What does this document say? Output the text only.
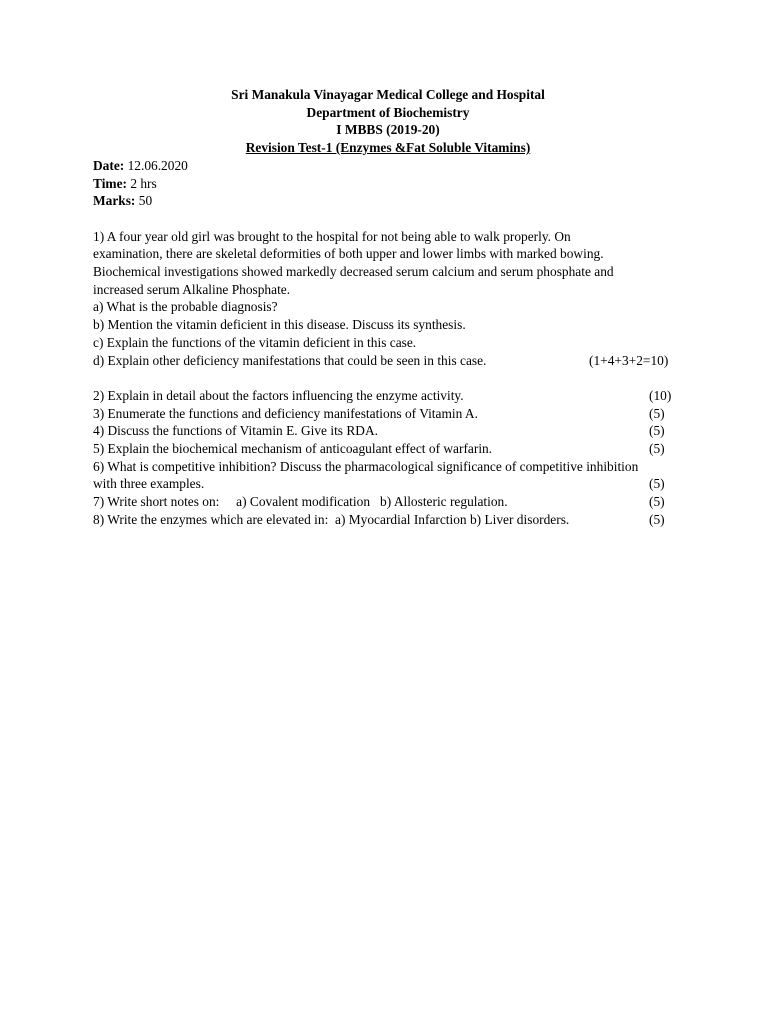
Sri Manakula Vinayagar Medical College and Hospital
Department of Biochemistry
I MBBS (2019-20)
Revision Test-1 (Enzymes &Fat Soluble Vitamins)
Date: 12.06.2020
Time: 2 hrs
Marks: 50
1) A four year old girl was brought to the hospital for not being able to walk properly. On
examination, there are skeletal deformities of both upper and lower limbs with marked bowing.
Biochemical investigations showed markedly decreased serum calcium and serum phosphate and
increased serum Alkaline Phosphate.
a) What is the probable diagnosis?
b) Mention the vitamin deficient in this disease. Discuss its synthesis.
c) Explain the functions of the vitamin deficient in this case.
d) Explain other deficiency manifestations that could be seen in this case.	(1+4+3+2=10)
2) Explain in detail about the factors influencing the enzyme activity.	(10)
3) Enumerate the functions and deficiency manifestations of Vitamin A.	(5)
4) Discuss the functions of Vitamin E. Give its RDA.	(5)
5) Explain the biochemical mechanism of anticoagulant effect of warfarin.	(5)
6) What is competitive inhibition? Discuss the pharmacological significance of competitive inhibition
with three examples.	(5)
7) Write short notes on:     a) Covalent modification   b) Allosteric regulation.	(5)
8) Write the enzymes which are elevated in:  a) Myocardial Infarction b) Liver disorders.	(5)
